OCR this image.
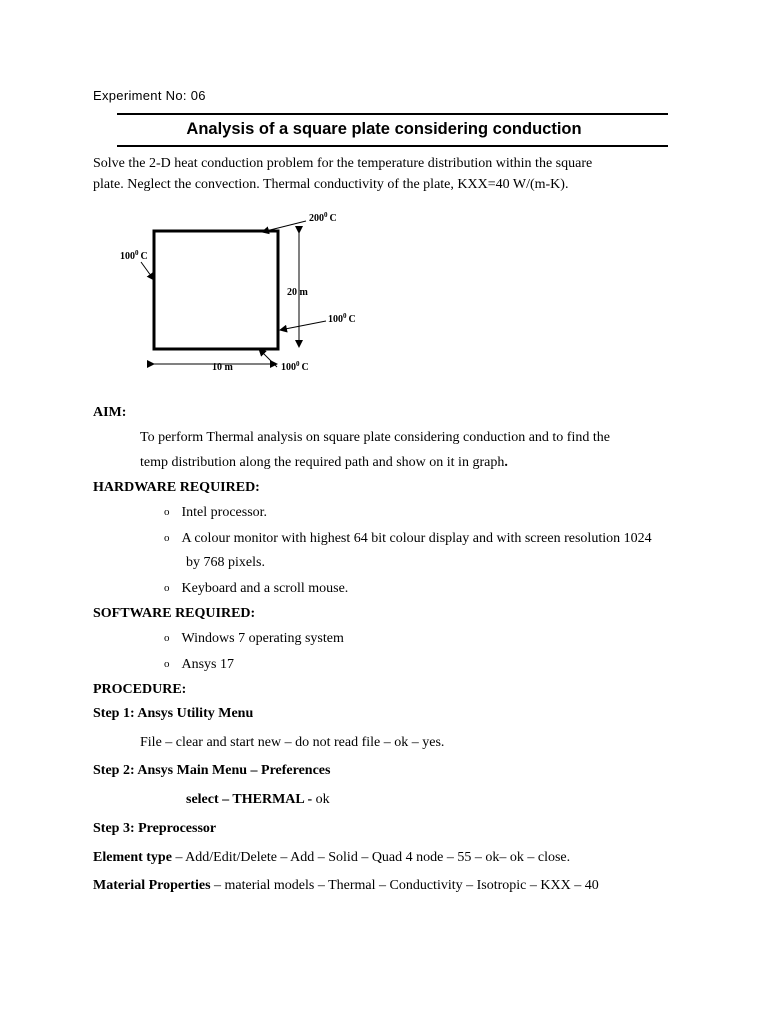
Experiment No: 06
Analysis of a square plate considering conduction
Solve the 2-D heat conduction problem for the temperature distribution within the square
plate. Neglect the convection. Thermal conductivity of the plate, KXX=40 W/(m-K).
$200^0$ C
$100^0$ C
$100^0$ C
$100^0$ C
20 m
10 m
AIM:
To perform Thermal analysis on square plate considering conduction and to find the
temp distribution along the required path and show on it in graph.
HARDWARE REQUIRED:
o Intel processor.
o A colour monitor with highest 64 bit colour display and with screen resolution 1024
by 768 pixels.
o Keyboard and a scroll mouse.
SOFTWARE REQUIRED:
o Windows 7 operating system
o Ansys 17
PROCEDURE:
Step 1: Ansys Utility Menu
File – clear and start new – do not read file – ok – yes.
Step 2: Ansys Main Menu – Preferences
select – THERMAL - ok
Step 3: Preprocessor
Element type – Add/Edit/Delete – Add – Solid – Quad 4 node – 55 – ok– ok – close.
Material Properties – material models – Thermal – Conductivity – Isotropic – KXX – 40
